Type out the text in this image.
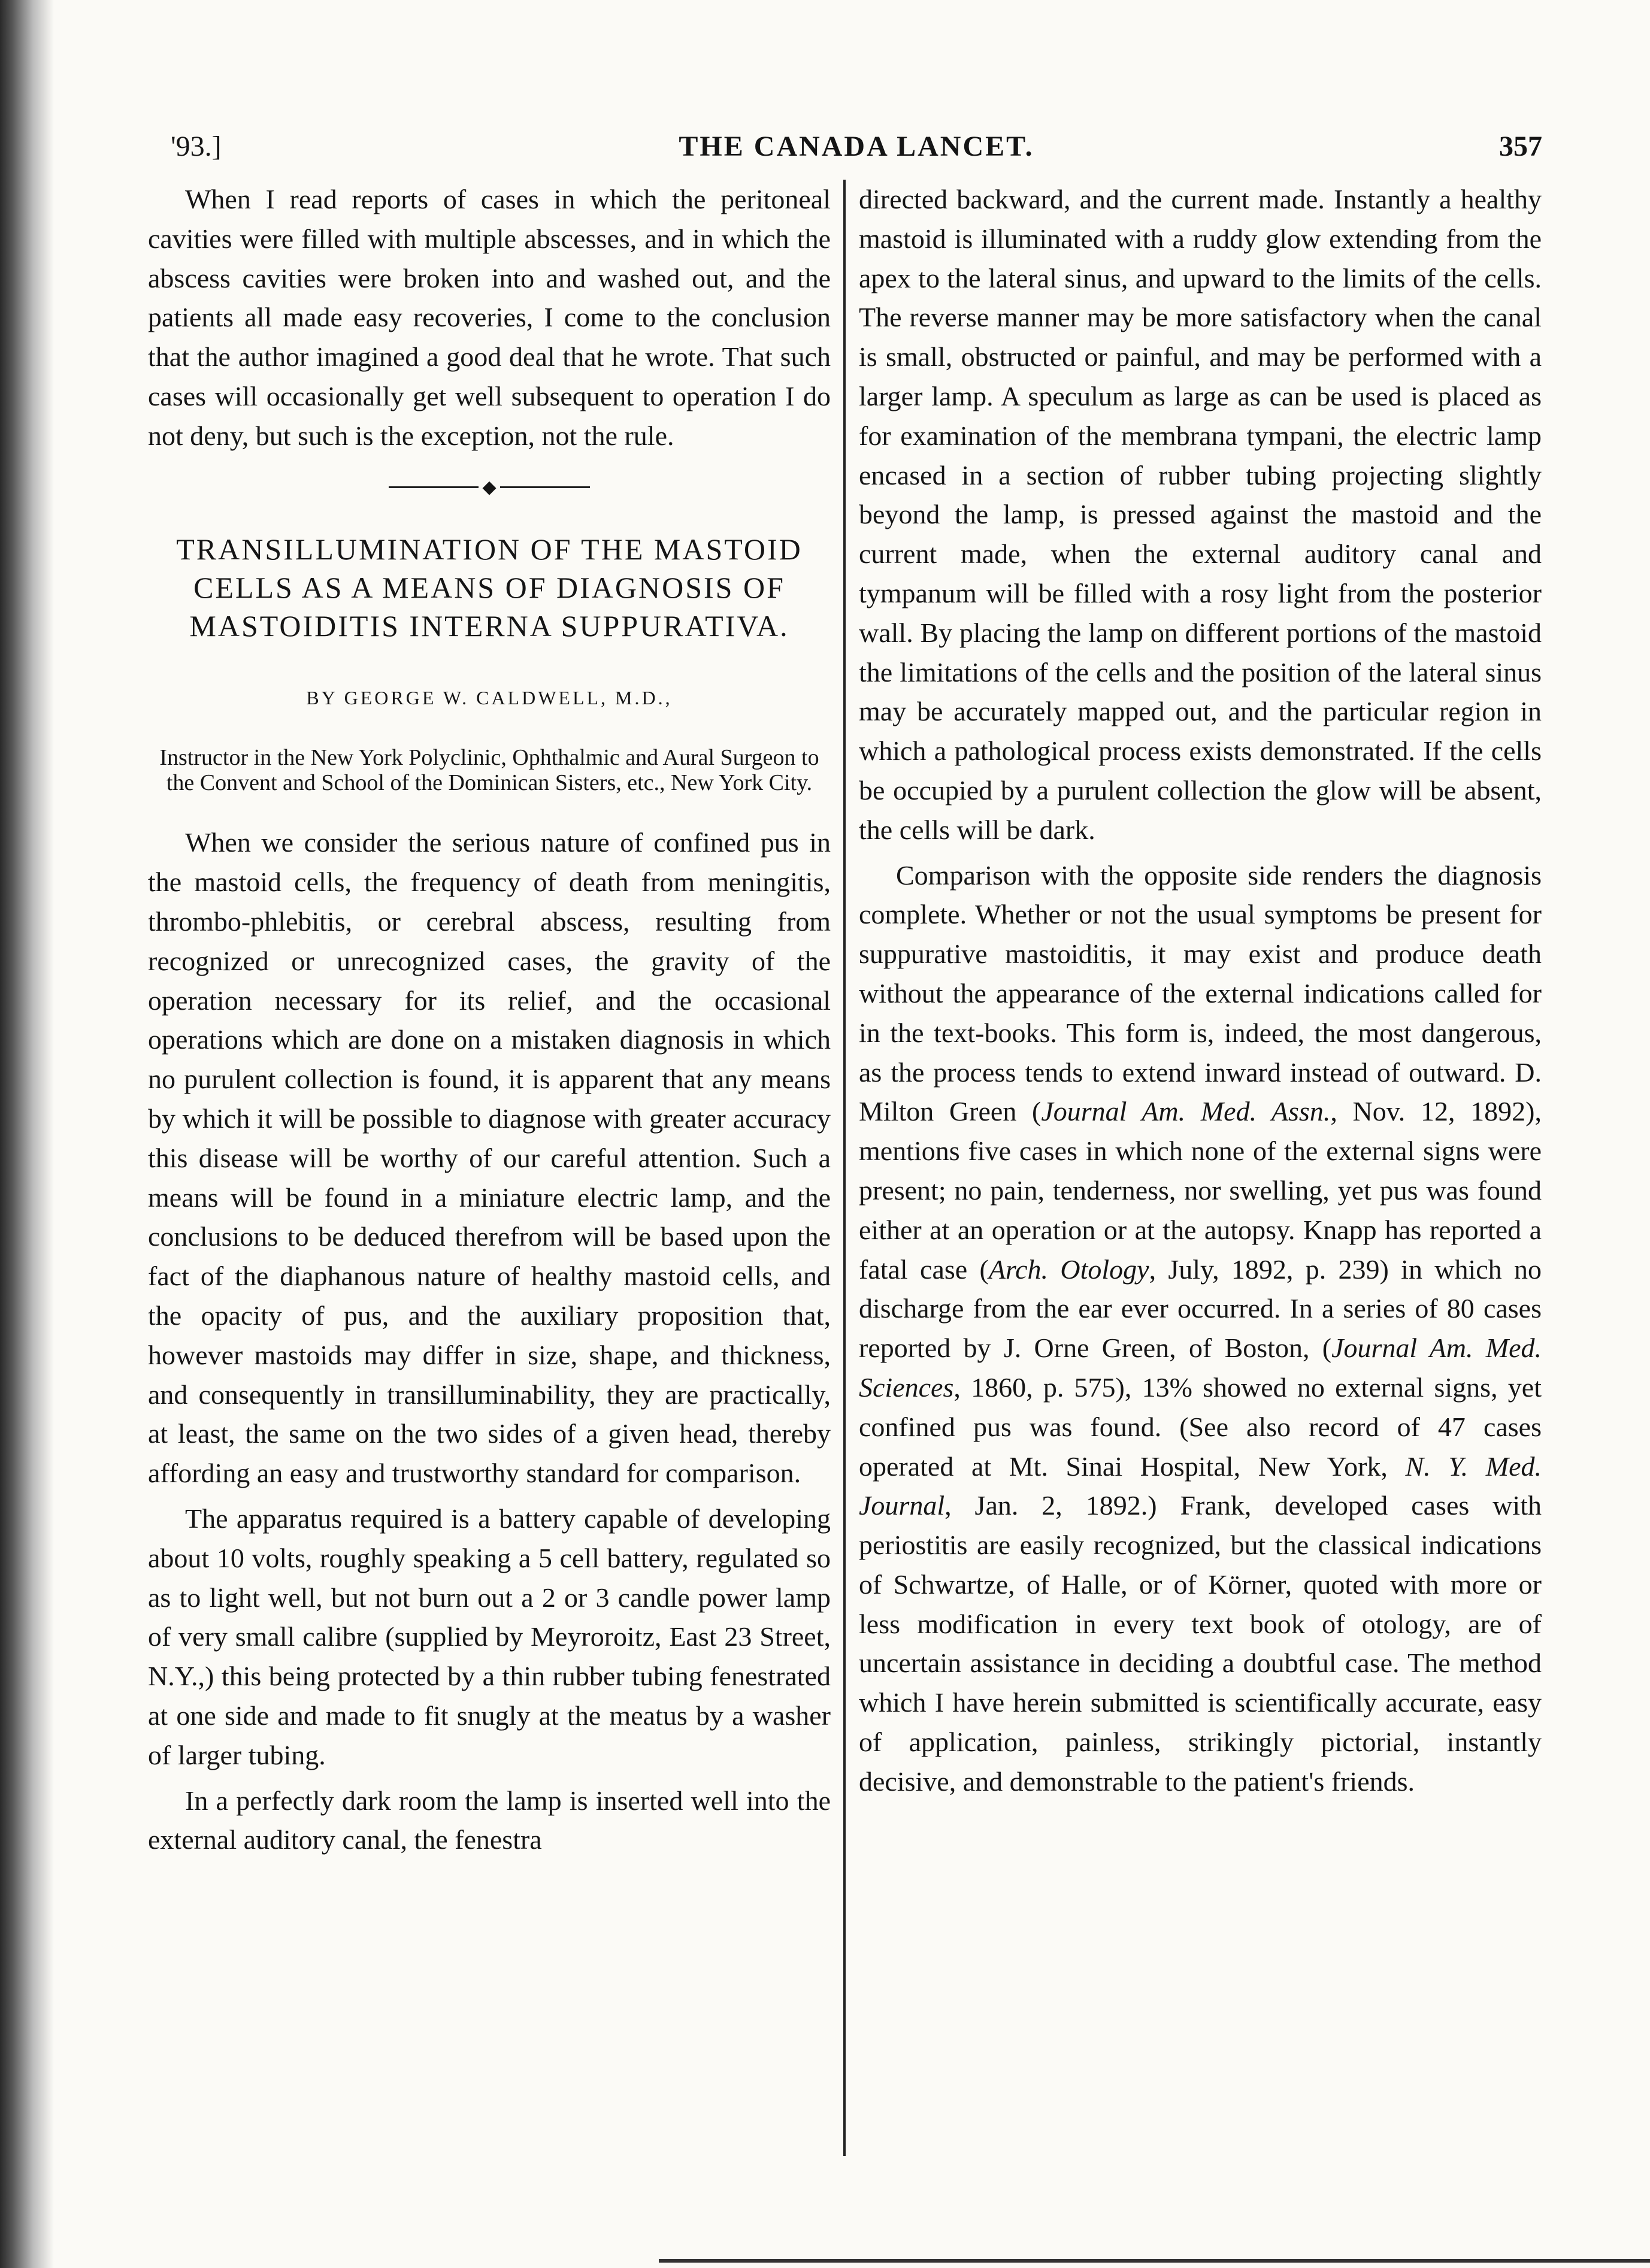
'93.]	THE CANADA LANCET.	357

When I read reports of cases in which the peritoneal cavities were filled with multiple abscesses, and in which the abscess cavities were broken into and washed out, and the patients all made easy recoveries, I come to the conclusion that the author imagined a good deal that he wrote. That such cases will occasionally get well subsequent to operation I do not deny, but such is the exception, not the rule.

◆

TRANSILLUMINATION OF THE MASTOID CELLS AS A MEANS OF DIAGNOSIS OF MASTOIDITIS INTERNA SUPPURATIVA.

BY GEORGE W. CALDWELL, M.D.,

Instructor in the New York Polyclinic, Ophthalmic and Aural Surgeon to the Convent and School of the Dominican Sisters, etc., New York City.

When we consider the serious nature of confined pus in the mastoid cells, the frequency of death from meningitis, thrombo-phlebitis, or cerebral abscess, resulting from recognized or unrecognized cases, the gravity of the operation necessary for its relief, and the occasional operations which are done on a mistaken diagnosis in which no purulent collection is found, it is apparent that any means by which it will be possible to diagnose with greater accuracy this disease will be worthy of our careful attention. Such a means will be found in a miniature electric lamp, and the conclusions to be deduced therefrom will be based upon the fact of the diaphanous nature of healthy mastoid cells, and the opacity of pus, and the auxiliary proposition that, however mastoids may differ in size, shape, and thickness, and consequently in transilluminability, they are practically, at least, the same on the two sides of a given head, thereby affording an easy and trustworthy standard for comparison.

The apparatus required is a battery capable of developing about 10 volts, roughly speaking a 5 cell battery, regulated so as to light well, but not burn out a 2 or 3 candle power lamp of very small calibre (supplied by Meyroroitz, East 23 Street, N.Y.,) this being protected by a thin rubber tubing fenestrated at one side and made to fit snugly at the meatus by a washer of larger tubing.

In a perfectly dark room the lamp is inserted well into the external auditory canal, the fenestra

directed backward, and the current made. Instantly a healthy mastoid is illuminated with a ruddy glow extending from the apex to the lateral sinus, and upward to the limits of the cells. The reverse manner may be more satisfactory when the canal is small, obstructed or painful, and may be performed with a larger lamp. A speculum as large as can be used is placed as for examination of the membrana tympani, the electric lamp encased in a section of rubber tubing projecting slightly beyond the lamp, is pressed against the mastoid and the current made, when the external auditory canal and tympanum will be filled with a rosy light from the posterior wall. By placing the lamp on different portions of the mastoid the limitations of the cells and the position of the lateral sinus may be accurately mapped out, and the particular region in which a pathological process exists demonstrated. If the cells be occupied by a purulent collection the glow will be absent, the cells will be dark.

Comparison with the opposite side renders the diagnosis complete. Whether or not the usual symptoms be present for suppurative mastoiditis, it may exist and produce death without the appearance of the external indications called for in the text-books. This form is, indeed, the most dangerous, as the process tends to extend inward instead of outward. D. Milton Green (Journal Am. Med. Assn., Nov. 12, 1892), mentions five cases in which none of the external signs were present; no pain, tenderness, nor swelling, yet pus was found either at an operation or at the autopsy. Knapp has reported a fatal case (Arch. Otology, July, 1892, p. 239) in which no discharge from the ear ever occurred. In a series of 80 cases reported by J. Orne Green, of Boston, (Journal Am. Med. Sciences, 1860, p. 575), 13% showed no external signs, yet confined pus was found. (See also record of 47 cases operated at Mt. Sinai Hospital, New York, N. Y. Med. Journal, Jan. 2, 1892.) Frank, developed cases with periostitis are easily recognized, but the classical indications of Schwartze, of Halle, or of Körner, quoted with more or less modification in every text book of otology, are of uncertain assistance in deciding a doubtful case. The method which I have herein submitted is scientifically accurate, easy of application, painless, strikingly pictorial, instantly decisive, and demonstrable to the patient's friends.
